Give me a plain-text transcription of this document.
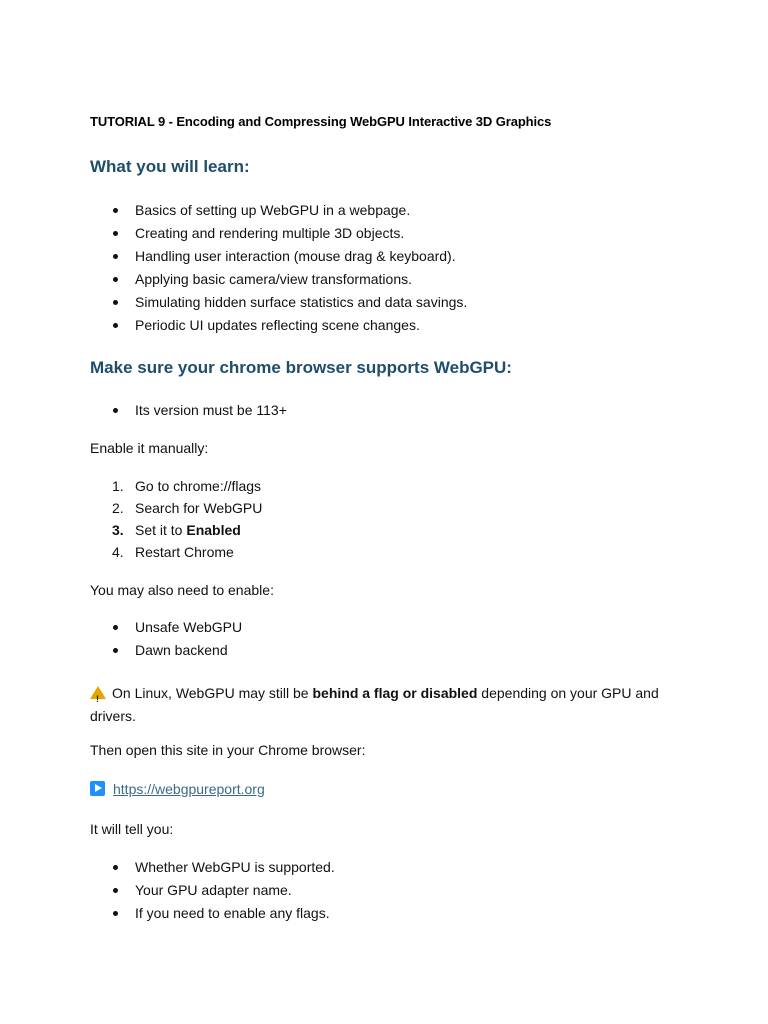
TUTORIAL 9 - Encoding and Compressing WebGPU Interactive 3D Graphics
What you will learn:
Basics of setting up WebGPU in a webpage.
Creating and rendering multiple 3D objects.
Handling user interaction (mouse drag & keyboard).
Applying basic camera/view transformations.
Simulating hidden surface statistics and data savings.
Periodic UI updates reflecting scene changes.
Make sure your chrome browser supports WebGPU:
Its version must be 113+
Enable it manually:
1. Go to chrome://flags
2. Search for WebGPU
3. Set it to Enabled
4. Restart Chrome
You may also need to enable:
Unsafe WebGPU
Dawn backend
! On Linux, WebGPU may still be behind a flag or disabled depending on your GPU and drivers.
Then open this site in your Chrome browser:
https://webgpureport.org
It will tell you:
Whether WebGPU is supported.
Your GPU adapter name.
If you need to enable any flags.
